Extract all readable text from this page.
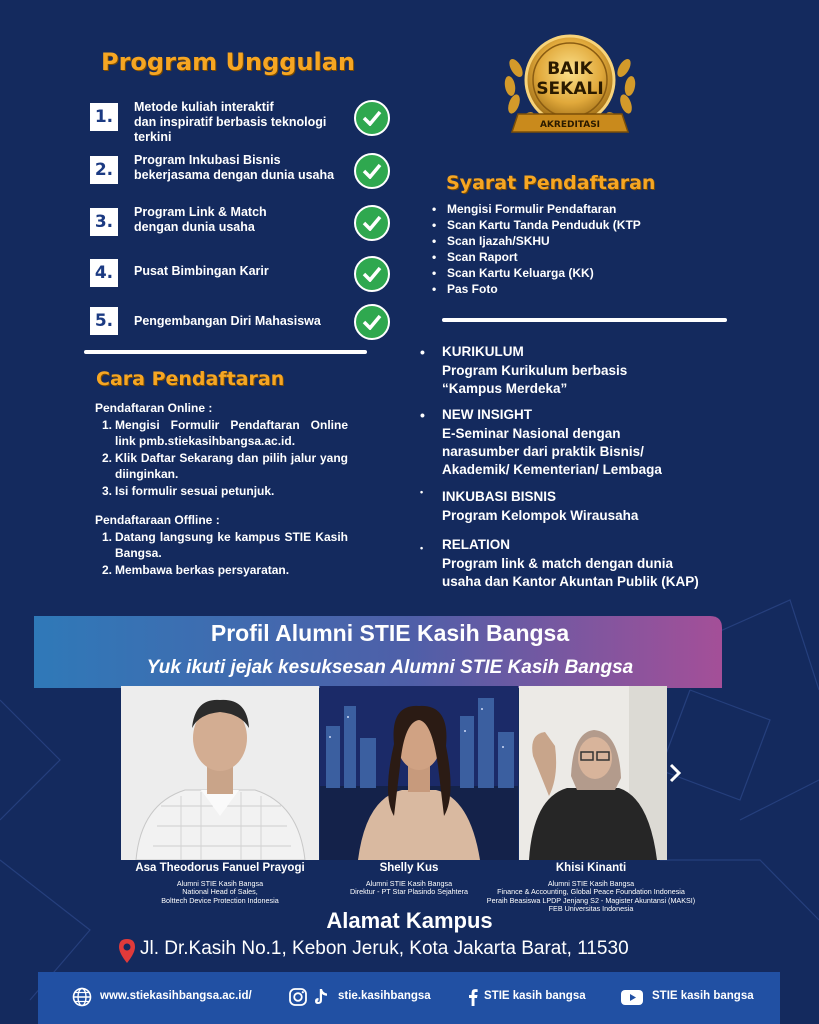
Program Unggulan
1.	Metode kuliah interaktif
dan inspiratif berbasis teknologi
terkini
2.	Program Inkubasi Bisnis
bekerjasama dengan dunia usaha
3.	Program Link & Match
dengan dunia usaha
4.	Pusat Bimbingan Karir
5.	Pengembangan Diri Mahasiswa
BAIK
SEKALI
AKREDITASI
Syarat Pendaftaran
• Mengisi Formulir Pendaftaran
• Scan Kartu Tanda Penduduk (KTP
• Scan Ijazah/SKHU
• Scan Raport
• Scan Kartu Keluarga (KK)
• Pas Foto
Cara Pendaftaran
Pendaftaran Online :
1. Mengisi Formulir Pendaftaran Online link pmb.stiekasihbangsa.ac.id.
2. Klik Daftar Sekarang dan pilih jalur yang diinginkan.
3. Isi formulir sesuai petunjuk.
Pendaftaraan Offline :
1. Datang langsung ke kampus STIE Kasih Bangsa.
2. Membawa berkas persyaratan.
• KURIKULUM
Program Kurikulum berbasis
“Kampus Merdeka”
• NEW INSIGHT
E-Seminar Nasional dengan
narasumber dari praktik Bisnis/
Akademik/ Kementerian/ Lembaga
• INKUBASI BISNIS
Program Kelompok Wirausaha
• RELATION
Program link & match dengan dunia
usaha dan Kantor Akuntan Publik (KAP)
Profil Alumni STIE Kasih Bangsa
Yuk ikuti jejak kesuksesan Alumni STIE Kasih Bangsa
Asa Theodorus Fanuel Prayogi
Alumni STIE Kasih Bangsa
National Head of Sales,
Bolttech Device Protection Indonesia
Shelly Kus
Alumni STIE Kasih Bangsa
Direktur - PT Star Plasindo Sejahtera
Khisi Kinanti
Alumni STIE Kasih Bangsa
Finance & Accounting, Global Peace Foundation Indonesia
Peraih Beasiswa LPDP Jenjang S2 - Magister Akuntansi (MAKSI)
FEB Universitas Indonesia
Alamat Kampus
Jl. Dr.Kasih No.1, Kebon Jeruk, Kota Jakarta Barat, 11530
www.stiekasihbangsa.ac.id/	stie.kasihbangsa	STIE kasih bangsa	STIE kasih bangsa
